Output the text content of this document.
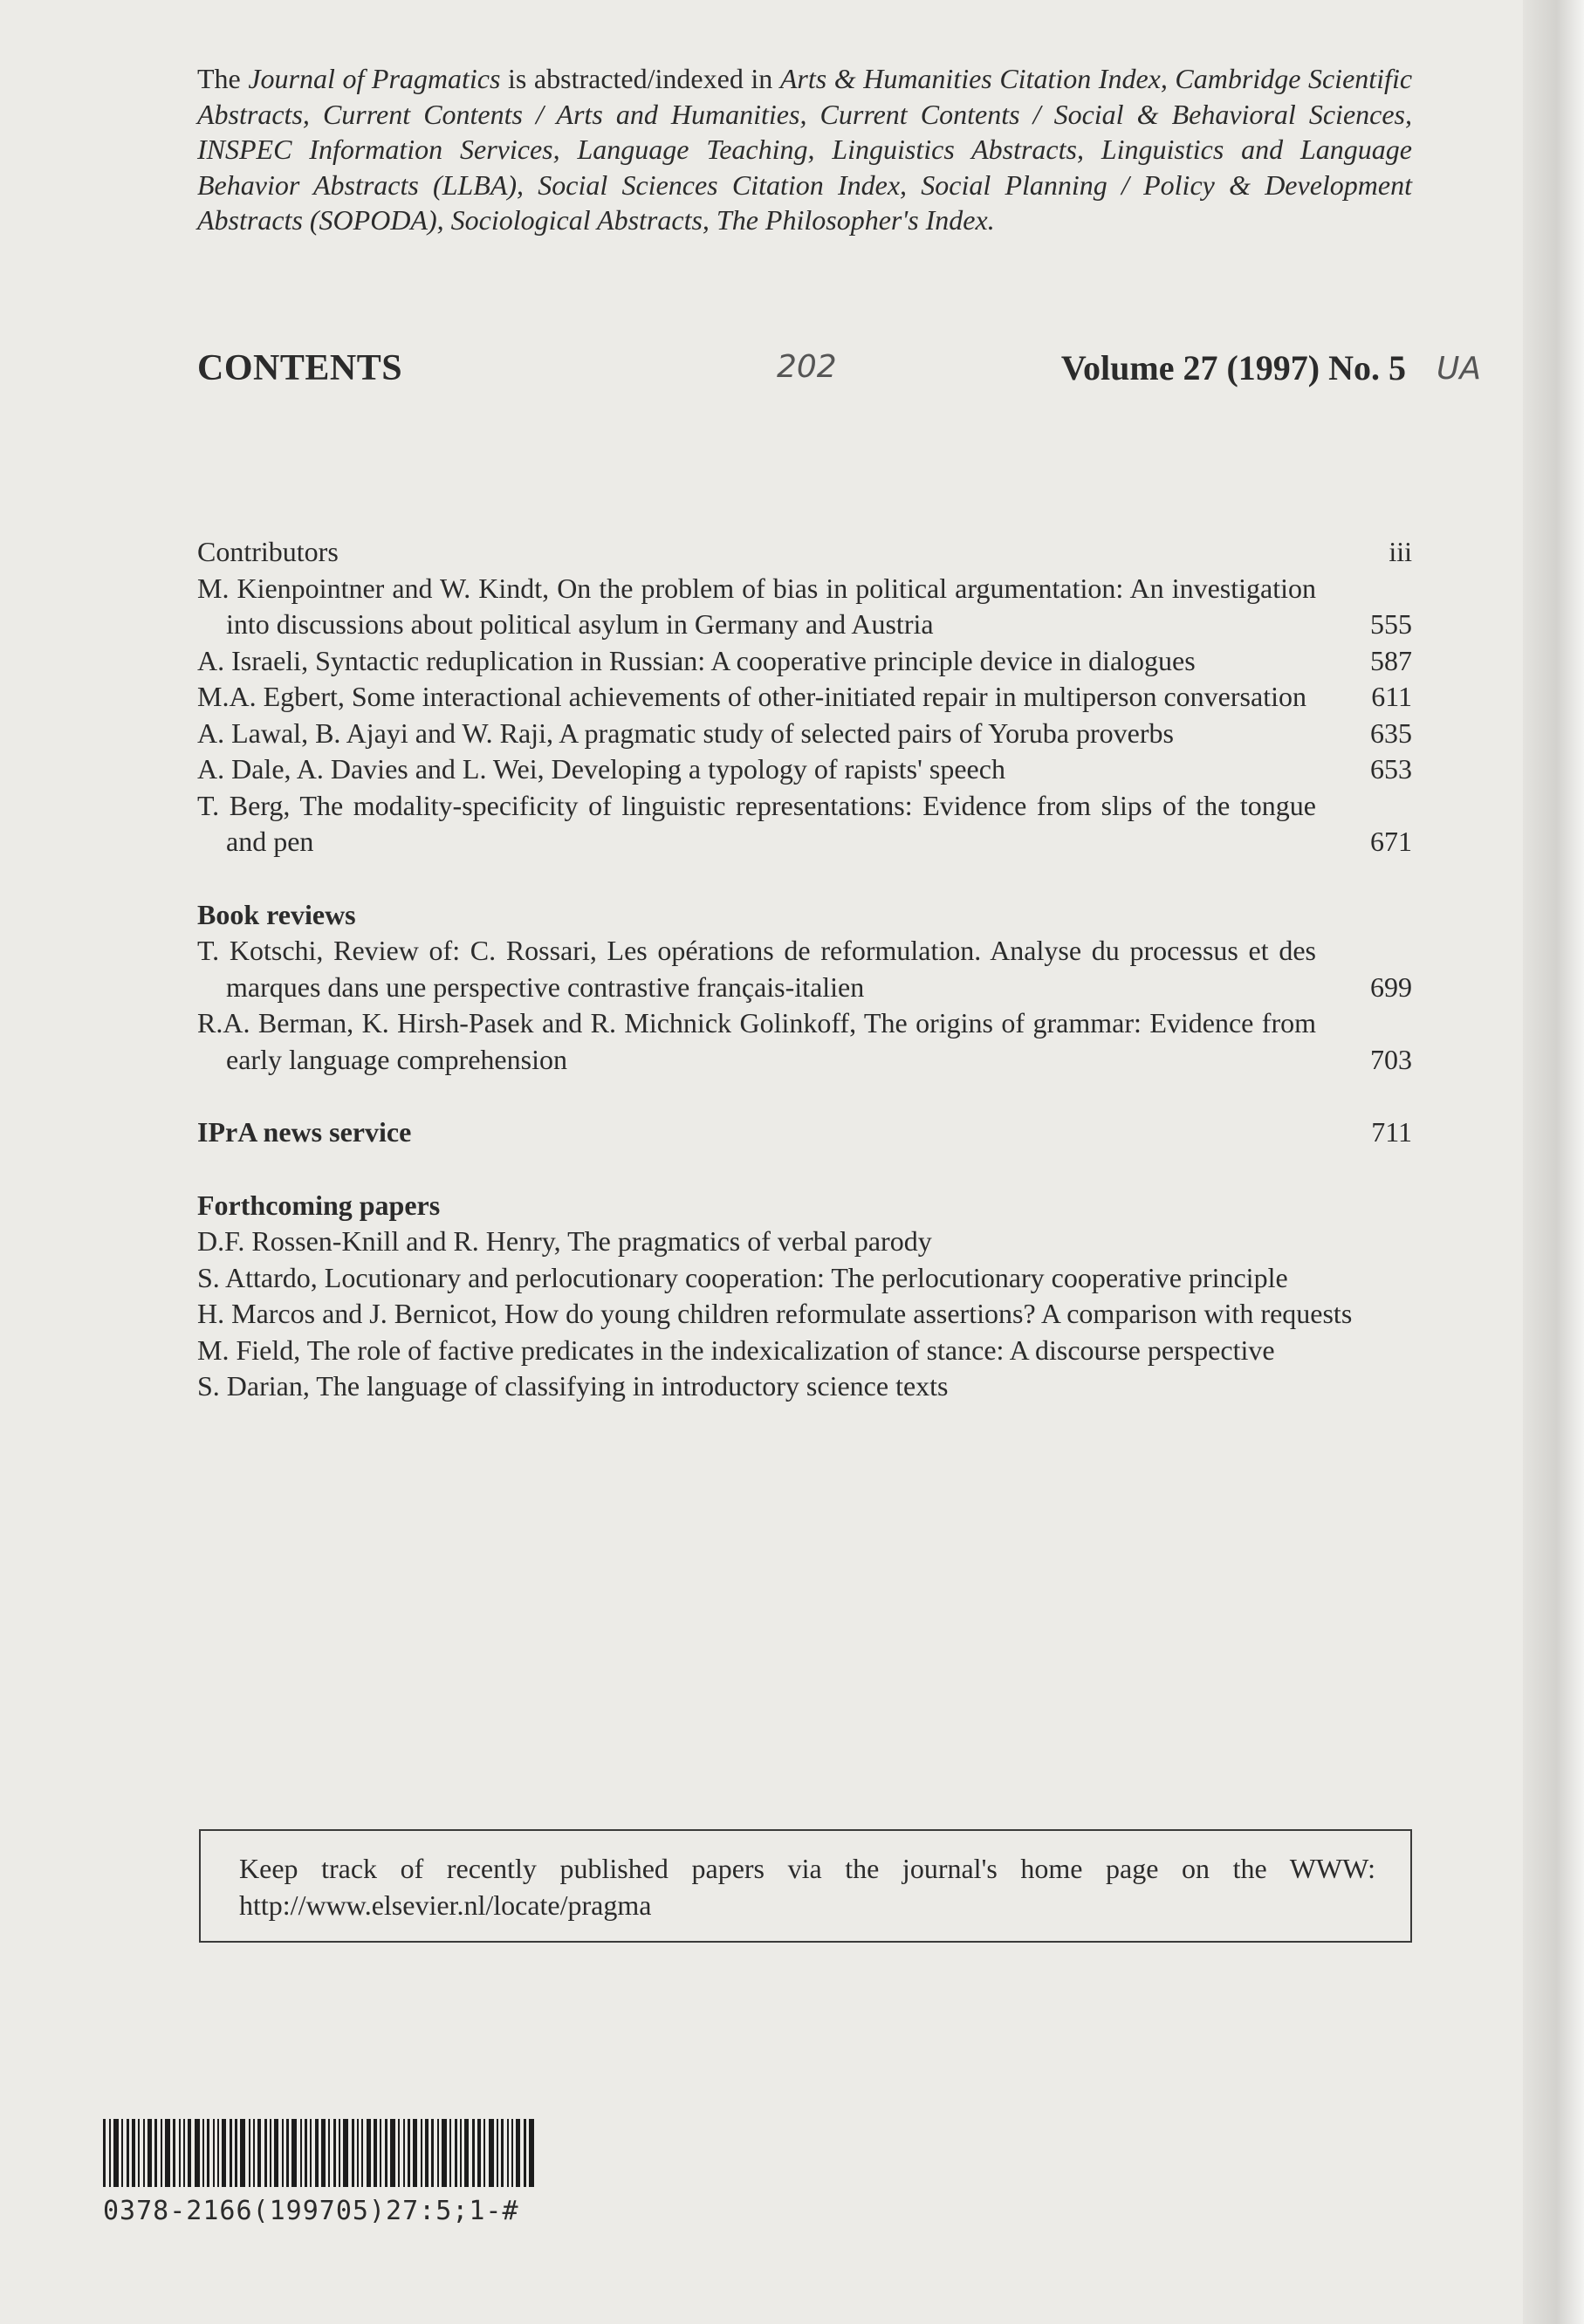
The Journal of Pragmatics is abstracted/indexed in Arts & Humanities Citation Index, Cambridge Scientific Abstracts, Current Contents / Arts and Humanities, Current Contents / Social & Behavioral Sciences, INSPEC Information Services, Language Teaching, Linguistics Abstracts, Linguistics and Language Behavior Abstracts (LLBA), Social Sciences Citation Index, Social Planning / Policy & Development Abstracts (SOPODA), Sociological Abstracts, The Philosopher's Index.

CONTENTS	202	Volume 27 (1997) No. 5 UA
Contributors	iii
M. Kienpointner and W. Kindt, On the problem of bias in political argumentation: An investigation into discussions about political asylum in Germany and Austria	555
A. Israeli, Syntactic reduplication in Russian: A cooperative principle device in dialogues	587
M.A. Egbert, Some interactional achievements of other-initiated repair in multiperson conversation	611
A. Lawal, B. Ajayi and W. Raji, A pragmatic study of selected pairs of Yoruba proverbs	635
A. Dale, A. Davies and L. Wei, Developing a typology of rapists' speech	653
T. Berg, The modality-specificity of linguistic representations: Evidence from slips of the tongue and pen	671
Book reviews
T. Kotschi, Review of: C. Rossari, Les opérations de reformulation. Analyse du processus et des marques dans une perspective contrastive français-italien	699
R.A. Berman, K. Hirsh-Pasek and R. Michnick Golinkoff, The origins of grammar: Evidence from early language comprehension	703
IPrA news service	711
Forthcoming papers
D.F. Rossen-Knill and R. Henry, The pragmatics of verbal parody
S. Attardo, Locutionary and perlocutionary cooperation: The perlocutionary cooperative principle
H. Marcos and J. Bernicot, How do young children reformulate assertions? A comparison with requests
M. Field, The role of factive predicates in the indexicalization of stance: A discourse perspective
S. Darian, The language of classifying in introductory science texts
Keep track of recently published papers via the journal's home page on the WWW:
http://www.elsevier.nl/locate/pragma
0378-2166(199705)27:5;1-#
